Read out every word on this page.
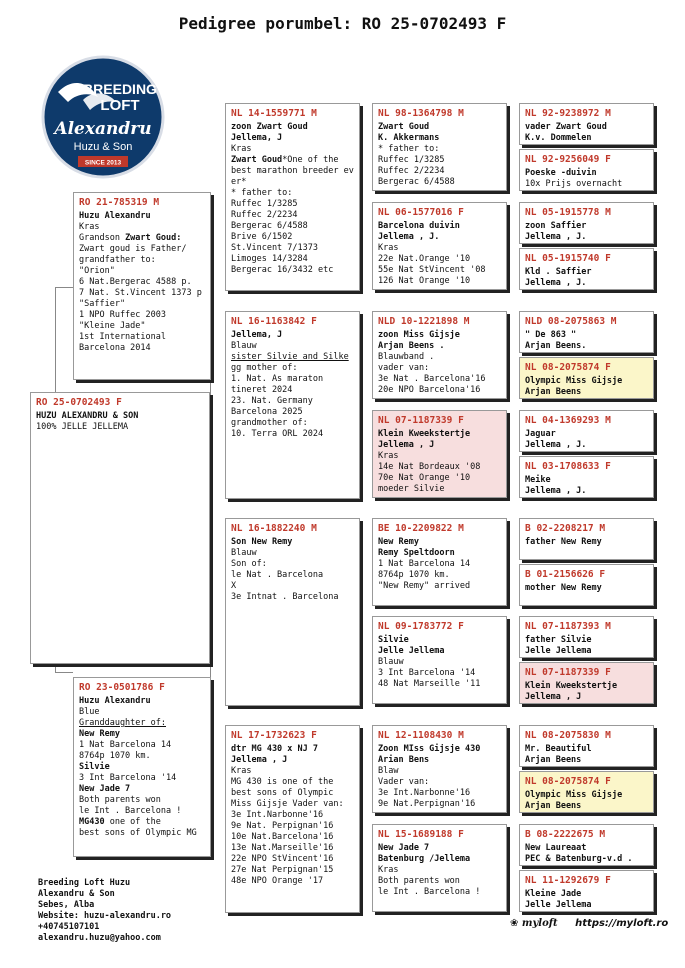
Pedigree porumbel: RO 25-0702493 F
BREEDING
LOFT
Alexandru
Huzu & Son
SINCE 2013
RO 25-0702493 F

HUZU ALEXANDRU & SON

100% JELLE JELLEMA

RO 21-785319 M

Huzu Alexandru

Kras

Grandson Zwart Goud:

Zwart goud is Father/

grandfather to:

"Orion"

6 Nat.Bergerac 4588 p.

7 Nat. St.Vincent 1373 p

"Saffier"

1 NPO Ruffec 2003

"Kleine Jade"

1st International

Barcelona 2014

RO 23-0501786 F

Huzu Alexandru

Blue

Granddaughter of:

New Remy

1 Nat Barcelona 14

8764p 1070 km.

Silvie

3 Int Barcelona '14

New Jade 7

Both parents won

le Int . Barcelona !

MG430 one of the

best sons of Olympic MG

NL 14-1559771 M

zoon Zwart Goud

Jellema, J

Kras

Zwart Goud*One of the

best marathon breeder ev

er*

* father to:

Ruffec 1/3285

Ruffec 2/2234

Bergerac 6/4588

Brive 6/1502

St.Vincent 7/1373

Limoges 14/3284

Bergerac 16/3432 etc

NL 16-1163842 F

Jellema, J

Blauw

sister Silvie and Silke

gg mother of:

1. Nat. As maraton

tineret 2024

23. Nat. Germany

Barcelona 2025

grandmother of:

10. Terra ORL 2024

NL 16-1882240 M

Son New Remy

Blauw

Son of:

le Nat . Barcelona

X

3e Intnat . Barcelona

NL 17-1732623 F

dtr MG 430 x NJ 7

Jellema , J

Kras

MG 430 is one of the

best sons of Olympic

Miss Gijsje Vader van:

3e Int.Narbonne'16

9e Nat. Perpignan'16

10e Nat.Barcelona'16

13e Nat.Marseille'16

22e NPO StVincent'16

27e Nat Perpignan'15

48e NPO Orange '17

NL 98-1364798 M

Zwart Goud

K. Akkermans

* father to:

Ruffec 1/3285

Ruffec 2/2234

Bergerac 6/4588

NL 06-1577016 F

Barcelona duivin

Jellema , J.

Kras

22e Nat.Orange '10

55e Nat StVincent '08

126 Nat Orange '10

NLD 10-1221898 M

zoon Miss Gijsje

Arjan Beens .

Blauwband .

vader van:

3e Nat . Barcelona'16

20e NPO Barcelona'16

NL 07-1187339 F

Klein Kweekstertje

Jellema , J

Kras

14e Nat Bordeaux '08

70e Nat Orange '10

moeder Silvie

BE 10-2209822 M

New Remy

Remy Speltdoorn

1 Nat Barcelona 14

8764p 1070 km.

"New Remy" arrived

NL 09-1783772 F

Silvie

Jelle Jellema

Blauw

3 Int Barcelona '14

48 Nat Marseille '11

NL 12-1108430 M

Zoon MIss Gijsje 430

Arian Bens

Blaw

Vader van:

3e Int.Narbonne'16

9e Nat.Perpignan'16

NL 15-1689188 F

New Jade 7

Batenburg /Jellema

Kras

Both parents won

le Int . Barcelona !

NL 92-9238972 M

vader Zwart Goud

K.v. Dommelen

NL 92-9256049 F

Poeske -duivin

10x Prijs overnacht

NL 05-1915778 M

zoon Saffier

Jellema , J.

NL 05-1915740 F

Kld . Saffier

Jellema , J.

NLD 08-2075863 M

" De 863 "

Arjan Beens.

NL 08-2075874 F

Olympic Miss Gijsje

Arjan Beens

NL 04-1369293 M

Jaguar

Jellema , J.

NL 03-1708633 F

Meike

Jellema , J.

B 02-2208217 M

father New Remy

B 01-2156626 F

mother New Remy

NL 07-1187393 M

father Silvie

Jelle Jellema

NL 07-1187339 F

Klein Kweekstertje

Jellema , J

NL 08-2075830 M

Mr. Beautiful

Arjan Beens

NL 08-2075874 F

Olympic Miss Gijsje

Arjan Beens

B 08-2222675 M

New Laureaat

PEC & Batenburg-v.d .

NL 11-1292679 F

Kleine Jade

Jelle Jellema

Breeding Loft Huzu
Alexandru & Son
Sebes, Alba
Website: huzu-alexandru.ro
+40745107101
alexandru.huzu@yahoo.com
❀ myloft https://myloft.ro
